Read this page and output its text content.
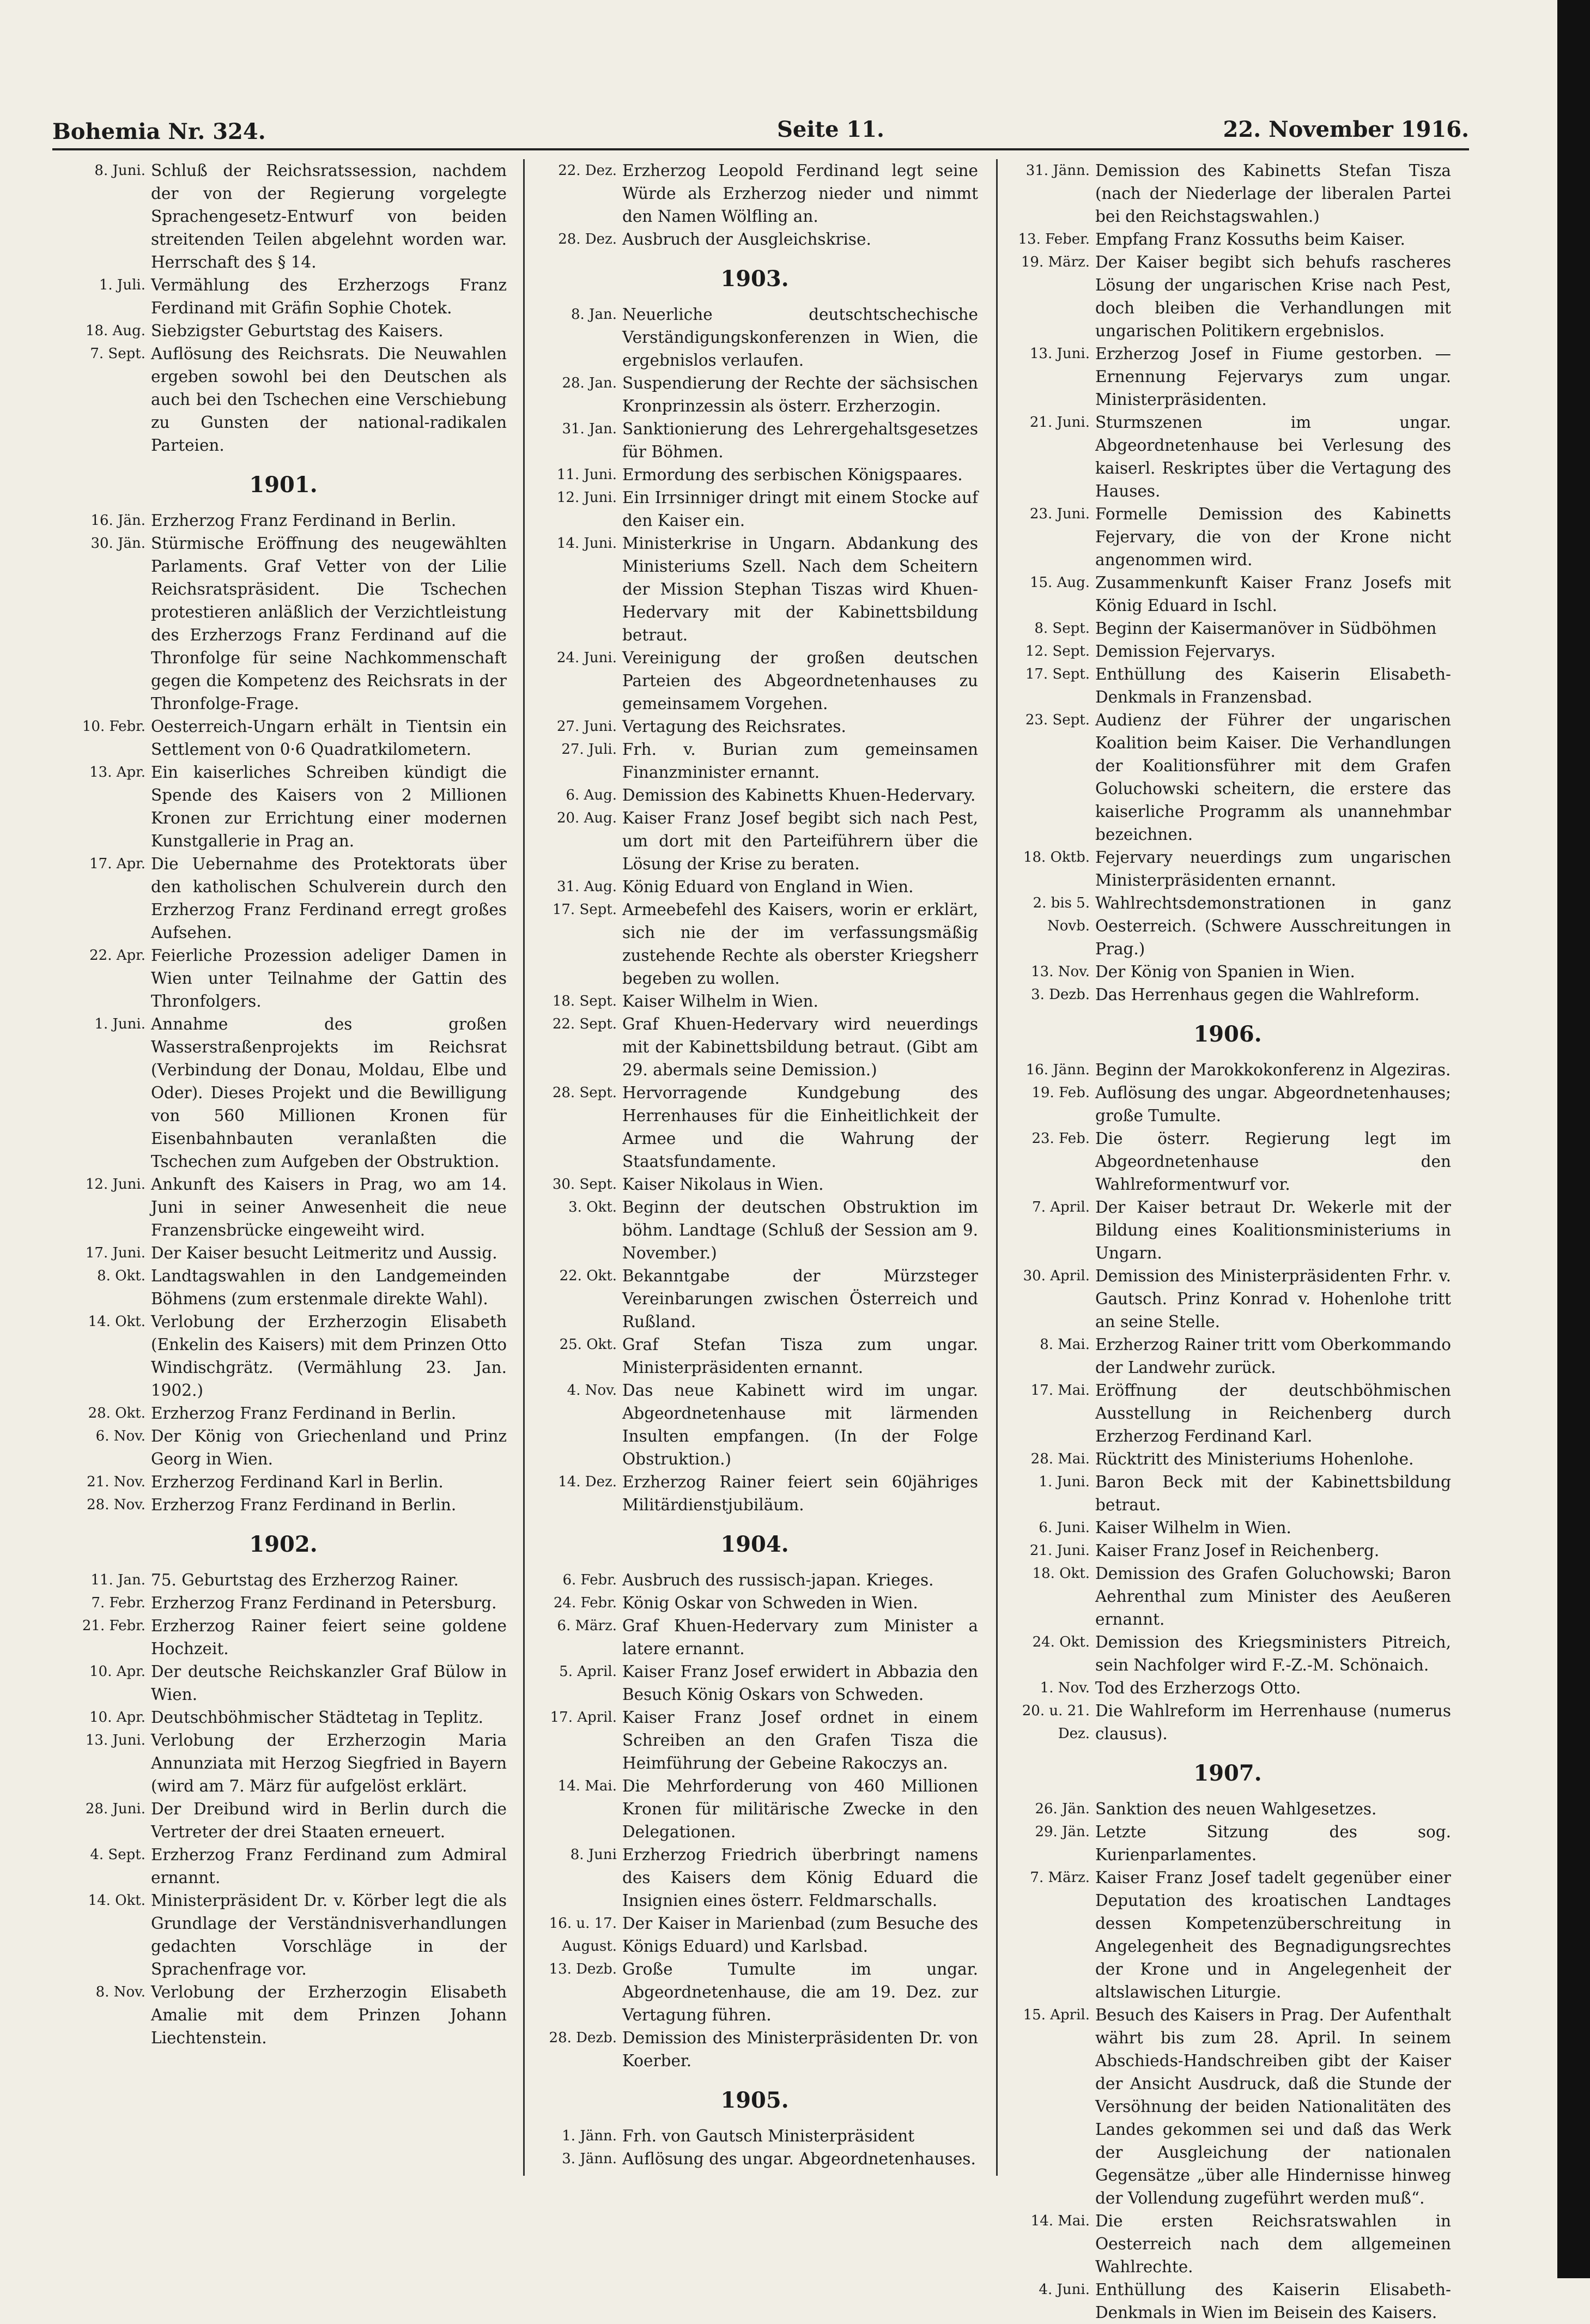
Bohemia Nr. 324.	Seite 11.	22. November 1916.
8. Juni. Schluß der Reichsratssession, nachdem der von der Regierung vorgelegte Sprachengesetz-Entwurf von beiden streitenden Teilen abgelehnt worden war. Herrschaft des § 14.
1. Juli. Vermählung des Erzherzogs Franz Ferdinand mit Gräfin Sophie Chotek.
18. Aug. Siebzigster Geburtstag des Kaisers.
7. Sept. Auflösung des Reichsrats. Die Neuwahlen ergeben sowohl bei den Deutschen als auch bei den Tschechen eine Verschiebung zu Gunsten der national-radikalen Parteien.
1901.
16. Jän. Erzherzog Franz Ferdinand in Berlin.
30. Jän. Stürmische Eröffnung des neugewählten Parlaments. Graf Vetter von der Lilie Reichsratspräsident. Die Tschechen protestieren anläßlich der Verzichtleistung des Erzherzogs Franz Ferdinand auf die Thronfolge für seine Nachkommenschaft gegen die Kompetenz des Reichsrats in der Thronfolge-Frage.
10. Febr. Oesterreich-Ungarn erhält in Tientsin ein Settlement von 0·6 Quadratkilometern.
13. Apr. Ein kaiserliches Schreiben kündigt die Spende des Kaisers von 2 Millionen Kronen zur Errichtung einer modernen Kunstgallerie in Prag an.
17. Apr. Die Uebernahme des Protektorats über den katholischen Schulverein durch den Erzherzog Franz Ferdinand erregt großes Aufsehen.
22. Apr. Feierliche Prozession adeliger Damen in Wien unter Teilnahme der Gattin des Thronfolgers.
1. Juni. Annahme des großen Wasserstraßenprojekts im Reichsrat (Verbindung der Donau, Moldau, Elbe und Oder). Dieses Projekt und die Bewilligung von 560 Millionen Kronen für Eisenbahnbauten veranlaßten die Tschechen zum Aufgeben der Obstruktion.
12. Juni. Ankunft des Kaisers in Prag, wo am 14. Juni in seiner Anwesenheit die neue Franzensbrücke eingeweiht wird.
17. Juni. Der Kaiser besucht Leitmeritz und Aussig.
8. Okt. Landtagswahlen in den Landgemeinden Böhmens (zum erstenmale direkte Wahl).
14. Okt. Verlobung der Erzherzogin Elisabeth (Enkelin des Kaisers) mit dem Prinzen Otto Windischgrätz. (Vermählung 23. Jan. 1902.)
28. Okt. Erzherzog Franz Ferdinand in Berlin.
6. Nov. Der König von Griechenland und Prinz Georg in Wien.
21. Nov. Erzherzog Ferdinand Karl in Berlin.
28. Nov. Erzherzog Franz Ferdinand in Berlin.
1902.
11. Jan. 75. Geburtstag des Erzherzog Rainer.
7. Febr. Erzherzog Franz Ferdinand in Petersburg.
21. Febr. Erzherzog Rainer feiert seine goldene Hochzeit.
10. Apr. Der deutsche Reichskanzler Graf Bülow in Wien.
10. Apr. Deutschböhmischer Städtetag in Teplitz.
13. Juni. Verlobung der Erzherzogin Maria Annunziata mit Herzog Siegfried in Bayern (wird am 7. März für aufgelöst erklärt.
28. Juni. Der Dreibund wird in Berlin durch die Vertreter der drei Staaten erneuert.
4. Sept. Erzherzog Franz Ferdinand zum Admiral ernannt.
14. Okt. Ministerpräsident Dr. v. Körber legt die als Grundlage der Verständnisverhandlungen gedachten Vorschläge in der Sprachenfrage vor.
8. Nov. Verlobung der Erzherzogin Elisabeth Amalie mit dem Prinzen Johann Liechtenstein.
22. Dez. Erzherzog Leopold Ferdinand legt seine Würde als Erzherzog nieder und nimmt den Namen Wölfling an.
28. Dez. Ausbruch der Ausgleichskrise.
1903.
8. Jan. Neuerliche deutschtschechische Verständigungskonferenzen in Wien, die ergebnislos verlaufen.
28. Jan. Suspendierung der Rechte der sächsischen Kronprinzessin als österr. Erzherzogin.
31. Jan. Sanktionierung des Lehrergehaltsgesetzes für Böhmen.
11. Juni. Ermordung des serbischen Königspaares.
12. Juni. Ein Irrsinniger dringt mit einem Stocke auf den Kaiser ein.
14. Juni. Ministerkrise in Ungarn. Abdankung des Ministeriums Szell. Nach dem Scheitern der Mission Stephan Tiszas wird Khuen-Hedervary mit der Kabinettsbildung betraut.
24. Juni. Vereinigung der großen deutschen Parteien des Abgeordnetenhauses zu gemeinsamem Vorgehen.
27. Juni. Vertagung des Reichsrates.
27. Juli. Frh. v. Burian zum gemeinsamen Finanzminister ernannt.
6. Aug. Demission des Kabinetts Khuen-Hedervary.
20. Aug. Kaiser Franz Josef begibt sich nach Pest, um dort mit den Parteiführern über die Lösung der Krise zu beraten.
31. Aug. König Eduard von England in Wien.
17. Sept. Armeebefehl des Kaisers, worin er erklärt, sich nie der im verfassungsmäßig zustehende Rechte als oberster Kriegsherr begeben zu wollen.
18. Sept. Kaiser Wilhelm in Wien.
22. Sept. Graf Khuen-Hedervary wird neuerdings mit der Kabinettsbildung betraut. (Gibt am 29. abermals seine Demission.)
28. Sept. Hervorragende Kundgebung des Herrenhauses für die Einheitlichkeit der Armee und die Wahrung der Staatsfundamente.
30. Sept. Kaiser Nikolaus in Wien.
3. Okt. Beginn der deutschen Obstruktion im böhm. Landtage (Schluß der Session am 9. November.)
22. Okt. Bekanntgabe der Mürzsteger Vereinbarungen zwischen Österreich und Rußland.
25. Okt. Graf Stefan Tisza zum ungar. Ministerpräsidenten ernannt.
4. Nov. Das neue Kabinett wird im ungar. Abgeordnetenhause mit lärmenden Insulten empfangen. (In der Folge Obstruktion.)
14. Dez. Erzherzog Rainer feiert sein 60jähriges Militärdienstjubiläum.
1904.
6. Febr. Ausbruch des russisch-japan. Krieges.
24. Febr. König Oskar von Schweden in Wien.
6. März. Graf Khuen-Hedervary zum Minister a latere ernannt.
5. April. Kaiser Franz Josef erwidert in Abbazia den Besuch König Oskars von Schweden.
17. April. Kaiser Franz Josef ordnet in einem Schreiben an den Grafen Tisza die Heimführung der Gebeine Rakoczys an.
14. Mai. Die Mehrforderung von 460 Millionen Kronen für militärische Zwecke in den Delegationen.
8. Juni Erzherzog Friedrich überbringt namens des Kaisers dem König Eduard die Insignien eines österr. Feldmarschalls.
16. u. 17. August.
Der Kaiser in Marienbad (zum Besuche des Königs Eduard) und Karlsbad.
13. Dezb. Große Tumulte im ungar. Abgeordnetenhause, die am 19. Dez. zur Vertagung führen.
28. Dezb. Demission des Ministerpräsidenten Dr. von Koerber.
1905.
1. Jänn. Frh. von Gautsch Ministerpräsident
3. Jänn. Auflösung des ungar. Abgeordnetenhauses.
31. Jänn. Demission des Kabinetts Stefan Tisza (nach der Niederlage der liberalen Partei bei den Reichstagswahlen.)
13. Feber. Empfang Franz Kossuths beim Kaiser.
19. März. Der Kaiser begibt sich behufs rascheres Lösung der ungarischen Krise nach Pest, doch bleiben die Verhandlungen mit ungarischen Politikern ergebnislos.
13. Juni. Erzherzog Josef in Fiume gestorben. — Ernennung Fejervarys zum ungar. Ministerpräsidenten.
21. Juni. Sturmszenen im ungar. Abgeordnetenhause bei Verlesung des kaiserl. Reskriptes über die Vertagung des Hauses.
23. Juni. Formelle Demission des Kabinetts Fejervary, die von der Krone nicht angenommen wird.
15. Aug. Zusammenkunft Kaiser Franz Josefs mit König Eduard in Ischl.
8. Sept. Beginn der Kaisermanöver in Südböhmen
12. Sept. Demission Fejervarys.
17. Sept. Enthüllung des Kaiserin Elisabeth-Denkmals in Franzensbad.
23. Sept. Audienz der Führer der ungarischen Koalition beim Kaiser. Die Verhandlungen der Koalitionsführer mit dem Grafen Goluchowski scheitern, die erstere das kaiserliche Programm als unannehmbar bezeichnen.
18. Oktb. Fejervary neuerdings zum ungarischen Ministerpräsidenten ernannt.
2. bis 5. Novb.
Wahlrechtsdemonstrationen in ganz Oesterreich. (Schwere Ausschreitungen in Prag.)
13. Nov. Der König von Spanien in Wien.
3. Dezb. Das Herrenhaus gegen die Wahlreform.
1906.
16. Jänn. Beginn der Marokkokonferenz in Algeziras.
19. Feb. Auflösung des ungar. Abgeordnetenhauses; große Tumulte.
23. Feb. Die österr. Regierung legt im Abgeordnetenhause den Wahlreformentwurf vor.
7. April. Der Kaiser betraut Dr. Wekerle mit der Bildung eines Koalitionsministeriums in Ungarn.
30. April. Demission des Ministerpräsidenten Frhr. v. Gautsch. Prinz Konrad v. Hohenlohe tritt an seine Stelle.
8. Mai. Erzherzog Rainer tritt vom Oberkommando der Landwehr zurück.
17. Mai. Eröffnung der deutschböhmischen Ausstellung in Reichenberg durch Erzherzog Ferdinand Karl.
28. Mai. Rücktritt des Ministeriums Hohenlohe.
1. Juni. Baron Beck mit der Kabinettsbildung betraut.
6. Juni. Kaiser Wilhelm in Wien.
21. Juni. Kaiser Franz Josef in Reichenberg.
18. Okt. Demission des Grafen Goluchowski; Baron Aehrenthal zum Minister des Aeußeren ernannt.
24. Okt. Demission des Kriegsministers Pitreich, sein Nachfolger wird F.-Z.-M. Schönaich.
1. Nov. Tod des Erzherzogs Otto.
20. u. 21. Dez.
Die Wahlreform im Herrenhause (numerus clausus).
1907.
26. Jän. Sanktion des neuen Wahlgesetzes.
29. Jän. Letzte Sitzung des sog. Kurienparlamentes.
7. März. Kaiser Franz Josef tadelt gegenüber einer Deputation des kroatischen Landtages dessen Kompetenzüberschreitung in Angelegenheit des Begnadigungsrechtes der Krone und in Angelegenheit der altslawischen Liturgie.
15. April. Besuch des Kaisers in Prag. Der Aufenthalt währt bis zum 28. April. In seinem Abschieds-Handschreiben gibt der Kaiser der Ansicht Ausdruck, daß die Stunde der Versöhnung der beiden Nationalitäten des Landes gekommen sei und daß das Werk der Ausgleichung der nationalen Gegensätze „über alle Hindernisse hinweg der Vollendung zugeführt werden muß“.
14. Mai. Die ersten Reichsratswahlen in Oesterreich nach dem allgemeinen Wahlrechte.
4. Juni. Enthüllung des Kaiserin Elisabeth-Denkmals in Wien im Beisein des Kaisers.
